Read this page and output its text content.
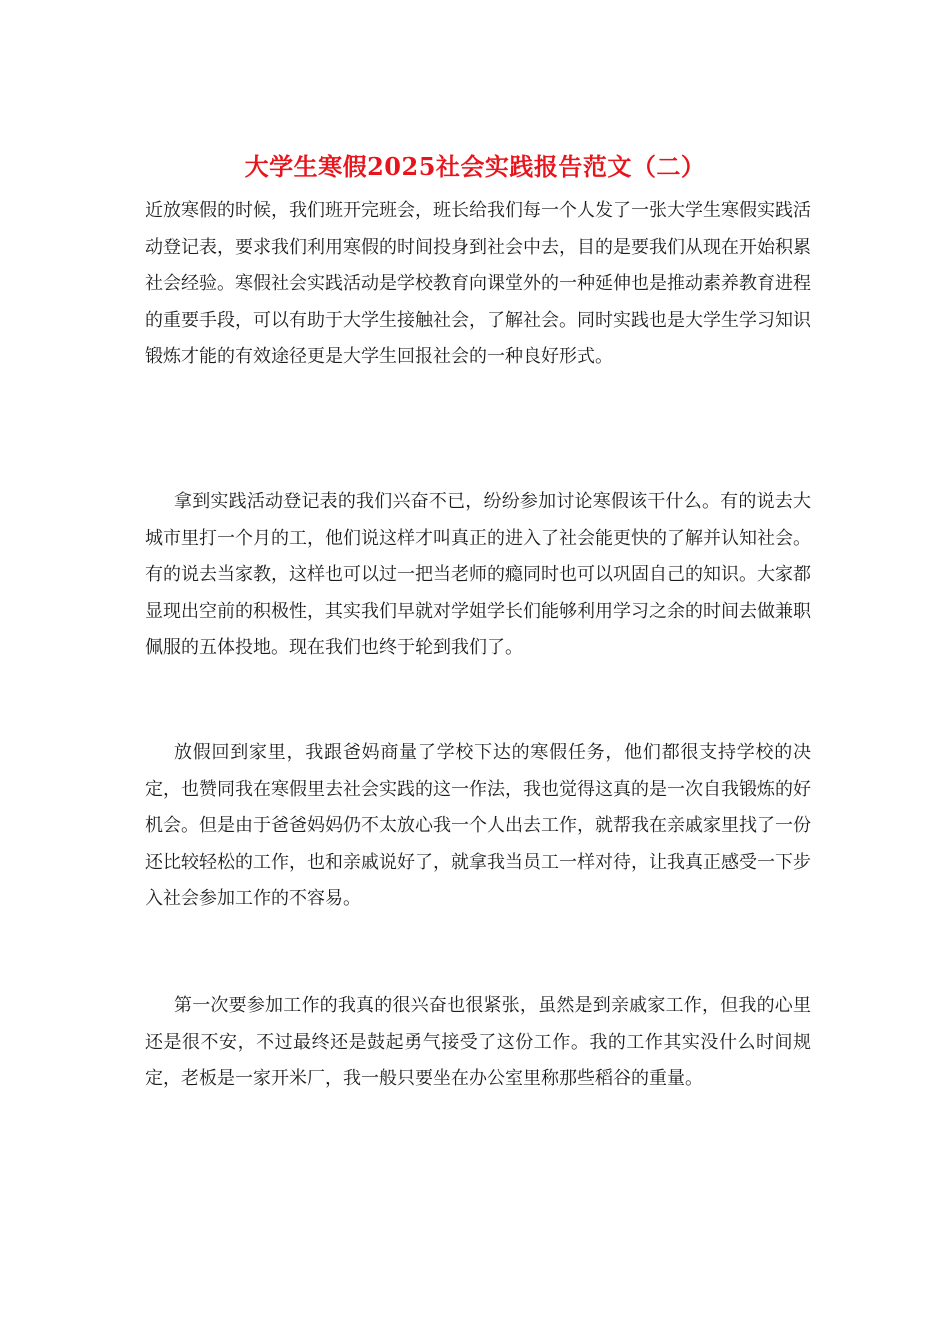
大学生寒假2025社会实践报告范文（二）

近放寒假的时候，我们班开完班会，班长给我们每一个人发了一张大学生寒假实践活动登记表，要求我们利用寒假的时间投身到社会中去，目的是要我们从现在开始积累社会经验。寒假社会实践活动是学校教育向课堂外的一种延伸也是推动素养教育进程的重要手段，可以有助于大学生接触社会，了解社会。同时实践也是大学生学习知识锻炼才能的有效途径更是大学生回报社会的一种良好形式。

拿到实践活动登记表的我们兴奋不已，纷纷参加讨论寒假该干什么。有的说去大城市里打一个月的工，他们说这样才叫真正的进入了社会能更快的了解并认知社会。有的说去当家教，这样也可以过一把当老师的瘾同时也可以巩固自己的知识。大家都显现出空前的积极性，其实我们早就对学姐学长们能够利用学习之余的时间去做兼职佩服的五体投地。现在我们也终于轮到我们了。

放假回到家里，我跟爸妈商量了学校下达的寒假任务，他们都很支持学校的决定，也赞同我在寒假里去社会实践的这一作法，我也觉得这真的是一次自我锻炼的好机会。但是由于爸爸妈妈仍不太放心我一个人出去工作，就帮我在亲戚家里找了一份还比较轻松的工作，也和亲戚说好了，就拿我当员工一样对待，让我真正感受一下步入社会参加工作的不容易。

第一次要参加工作的我真的很兴奋也很紧张，虽然是到亲戚家工作，但我的心里还是很不安，不过最终还是鼓起勇气接受了这份工作。我的工作其实没什么时间规定，老板是一家开米厂，我一般只要坐在办公室里称那些稻谷的重量。
